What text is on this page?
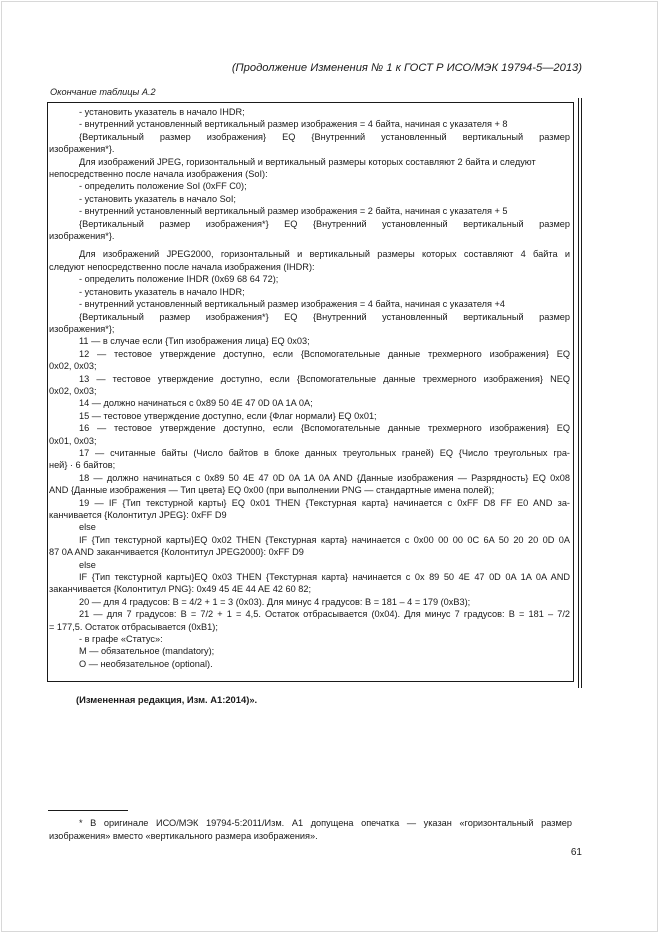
(Продолжение Изменения № 1 к ГОСТ Р ИСО/МЭК 19794-5—2013)
Окончание таблицы А.2

- установить указатель в начало IHDR;

- внутренний установленный вертикальный размер изображения = 4 байта, начиная с указателя + 8

{Вертикальный размер изображения} EQ {Внутренний установленный вертикальный размер

изображения*}.

Для изображений JPEG, горизонтальный и вертикальный размеры которых составляют 2 байта и следуют

непосредственно после начала изображения (SoI):

- определить положение SoI (0xFF C0);

- установить указатель в начало SoI;

- внутренний установленный вертикальный размер изображения = 2 байта, начиная с указателя + 5

{Вертикальный размер изображения*} EQ {Внутренний установленный вертикальный размер

изображения*}.

Для изображений JPEG2000, горизонтальный и вертикальный размеры которых составляют 4 байта и

следуют непосредственно после начала изображения (IHDR):

- определить положение IHDR (0x69 68 64 72);

- установить указатель в начало IHDR;

- внутренний установленный вертикальный размер изображения = 4 байта, начиная с указателя +4

{Вертикальный размер изображения*} EQ {Внутренний установленный вертикальный размер

изображения*};

11 — в случае если {Тип изображения лица} EQ 0x03;

12 — тестовое утверждение доступно, если {Вспомогательные данные трехмерного изображения} EQ

0x02, 0x03;

13 — тестовое утверждение доступно, если {Вспомогательные данные трехмерного изображения} NEQ

0x02, 0x03;

14 — должно начинаться с 0x89 50 4E 47 0D 0A 1A 0A;

15 — тестовое утверждение доступно, если {Флаг нормали} EQ 0x01;

16 — тестовое утверждение доступно, если {Вспомогательные данные трехмерного изображения} EQ

0x01, 0x03;

17 — считанные байты (Число байтов в блоке данных треугольных граней) EQ {Число треугольных гра-

ней} · 6 байтов;

18 — должно начинаться с 0x89 50 4E 47 0D 0A 1A 0A AND {Данные изображения — Разрядность} EQ 0x08

AND {Данные изображения — Тип цвета} EQ 0x00 (при выполнении PNG — стандартные имена полей);

19 — IF {Тип текстурной карты} EQ 0x01 THEN {Текстурная карта} начинается с 0xFF D8 FF E0 AND за-

канчивается {Колонтитул JPEG}: 0xFF D9

else

IF {Тип текстурной карты}EQ 0x02 THEN {Текстурная карта} начинается с 0x00 00 00 0C 6A 50 20 20 0D 0A

87 0A AND заканчивается {Колонтитул JPEG2000}: 0xFF D9

else

IF {Тип текстурной карты}EQ 0x03 THEN {Текстурная карта} начинается с 0x 89 50 4E 47 0D 0A 1A 0A AND

заканчивается {Колонтитул PNG}: 0x49 45 4E 44 AE 42 60 82;

20 — для 4 градусов: B = 4/2 + 1 = 3 (0x03). Для минус 4 градусов: B = 181 – 4 = 179 (0xB3);

21 — для 7 градусов: B = 7/2 + 1 = 4,5. Остаток отбрасывается (0x04). Для минус 7 градусов: B = 181 – 7/2

= 177,5. Остаток отбрасывается (0xB1);

- в графе «Статус»:

М — обязательное (mandatory);

О — необязательное (optional).

(Измененная редакция, Изм. А1:2014)».

* В оригинале ИСО/МЭК 19794-5:2011/Изм. А1 допущена опечатка — указан «горизонтальный размер

изображения» вместо «вертикального размера изображения».

61
